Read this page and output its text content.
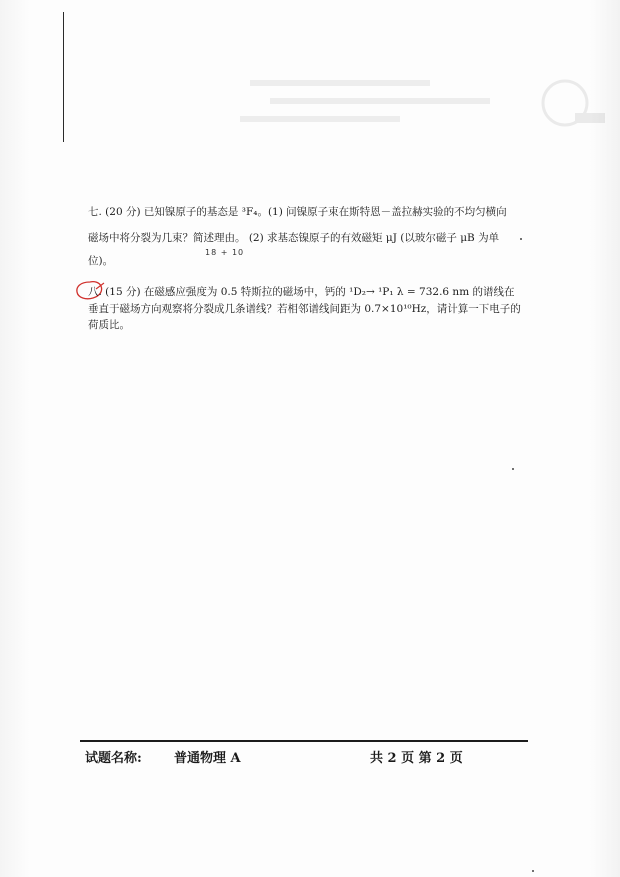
七. (20 分) 已知镍原子的基态是 ³F₄。(1) 问镍原子束在斯特恩－盖拉赫实验的不均匀横向
磁场中将分裂为几束？简述理由。 (2) 求基态镍原子的有效磁矩 μJ (以玻尔磁子 μB 为单
位)。
18 + 10
八. (15 分) 在磁感应强度为 0.5 特斯拉的磁场中，钙的 ¹D₂→ ¹P₁ λ = 732.6 nm 的谱线在
垂直于磁场方向观察将分裂成几条谱线？若相邻谱线间距为 0.7×10¹⁰Hz，请计算一下电子的
荷质比。
试题名称: 普通物理 A	共 2 页 第 2 页
